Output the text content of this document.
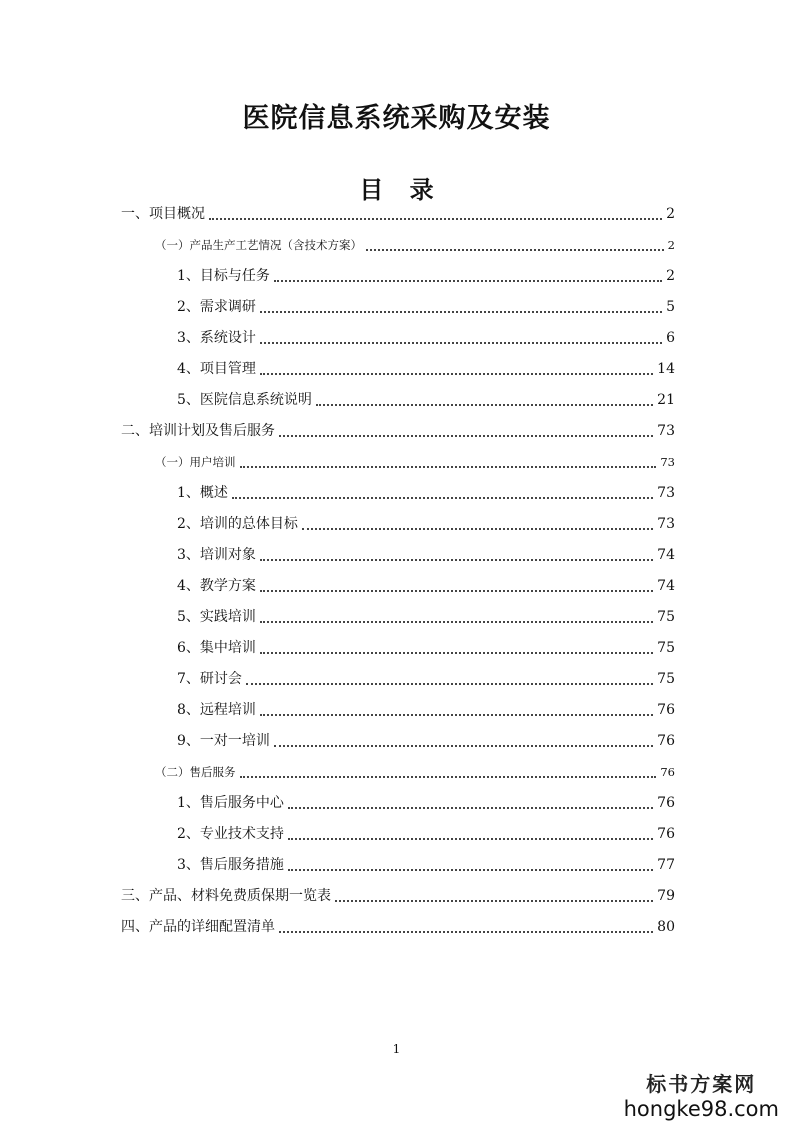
医院信息系统采购及安装
目 录
一、项目概况	2
（一）产品生产工艺情况（含技术方案）	2
1、目标与任务	2
2、需求调研	5
3、系统设计	6
4、项目管理	14
5、医院信息系统说明	21
二、培训计划及售后服务	73
（一）用户培训	73
1、概述	73
2、培训的总体目标	73
3、培训对象	74
4、教学方案	74
5、实践培训	75
6、集中培训	75
7、研讨会	75
8、远程培训	76
9、一对一培训	76
（二）售后服务	76
1、售后服务中心	76
2、专业技术支持	76
3、售后服务措施	77
三、产品、材料免费质保期一览表	79
四、产品的详细配置清单	80
1
标书方案网
hongke98.com
